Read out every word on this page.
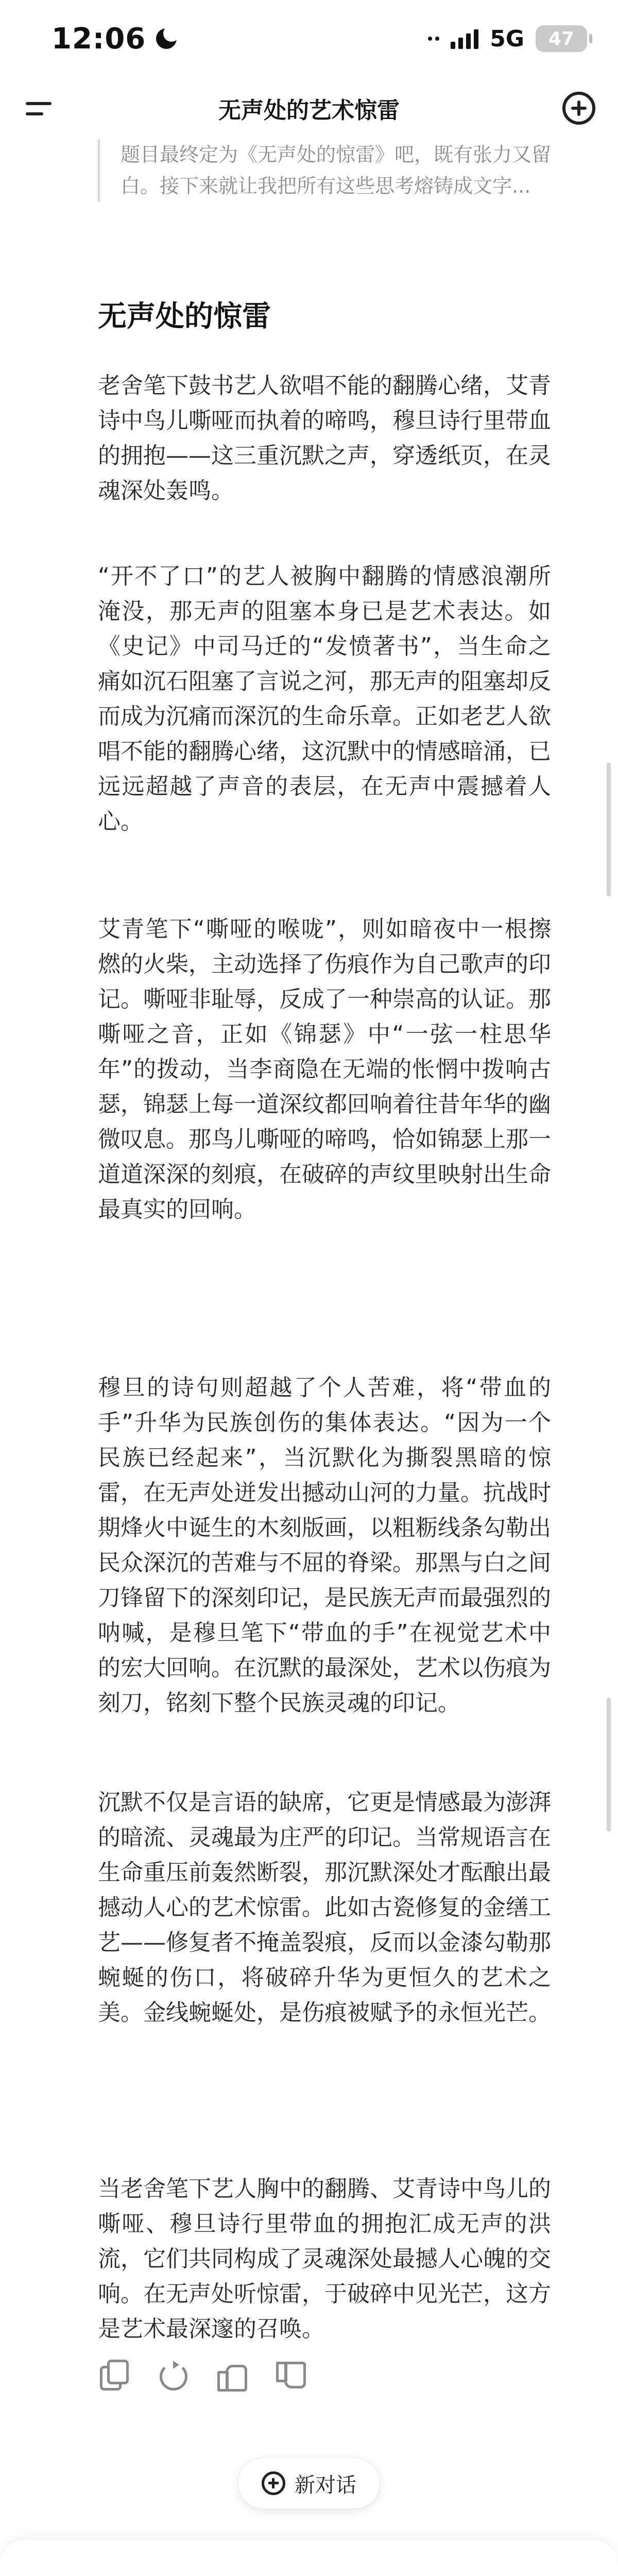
12:06	5G 47
无声处的艺术惊雷
题目最终定为《无声处的惊雷》吧，既有张力又留白。接下来就让我把所有这些思考熔铸成文字...
无声处的惊雷

老舍笔下鼓书艺人欲唱不能的翻腾心绪，艾青诗中鸟儿嘶哑而执着的啼鸣，穆旦诗行里带血的拥抱——这三重沉默之声，穿透纸页，在灵魂深处轰鸣。

“开不了口”的艺人被胸中翻腾的情感浪潮所淹没，那无声的阻塞本身已是艺术表达。如《史记》中司马迁的“发愤著书”，当生命之痛如沉石阻塞了言说之河，那无声的阻塞却反而成为沉痛而深沉的生命乐章。正如老艺人欲唱不能的翻腾心绪，这沉默中的情感暗涌，已远远超越了声音的表层，在无声中震撼着人心。

艾青笔下“嘶哑的喉咙”，则如暗夜中一根擦燃的火柴，主动选择了伤痕作为自己歌声的印记。嘶哑非耻辱，反成了一种崇高的认证。那嘶哑之音，正如《锦瑟》中“一弦一柱思华年”的拨动，当李商隐在无端的怅惘中拨响古瑟，锦瑟上每一道深纹都回响着往昔年华的幽微叹息。那鸟儿嘶哑的啼鸣，恰如锦瑟上那一道道深深的刻痕，在破碎的声纹里映射出生命最真实的回响。

穆旦的诗句则超越了个人苦难，将“带血的手”升华为民族创伤的集体表达。“因为一个民族已经起来”，当沉默化为撕裂黑暗的惊雷，在无声处迸发出撼动山河的力量。抗战时期烽火中诞生的木刻版画，以粗粝线条勾勒出民众深沉的苦难与不屈的脊梁。那黑与白之间刀锋留下的深刻印记，是民族无声而最强烈的呐喊，是穆旦笔下“带血的手”在视觉艺术中的宏大回响。在沉默的最深处，艺术以伤痕为刻刀，铭刻下整个民族灵魂的印记。

沉默不仅是言语的缺席，它更是情感最为澎湃的暗流、灵魂最为庄严的印记。当常规语言在生命重压前轰然断裂，那沉默深处才酝酿出最撼动人心的艺术惊雷。此如古瓷修复的金缮工艺——修复者不掩盖裂痕，反而以金漆勾勒那蜿蜒的伤口，将破碎升华为更恒久的艺术之美。金线蜿蜒处，是伤痕被赋予的永恒光芒。

当老舍笔下艺人胸中的翻腾、艾青诗中鸟儿的嘶哑、穆旦诗行里带血的拥抱汇成无声的洪流，它们共同构成了灵魂深处最撼人心魄的交响。在无声处听惊雷，于破碎中见光芒，这方是艺术最深邃的召唤。

新对话
